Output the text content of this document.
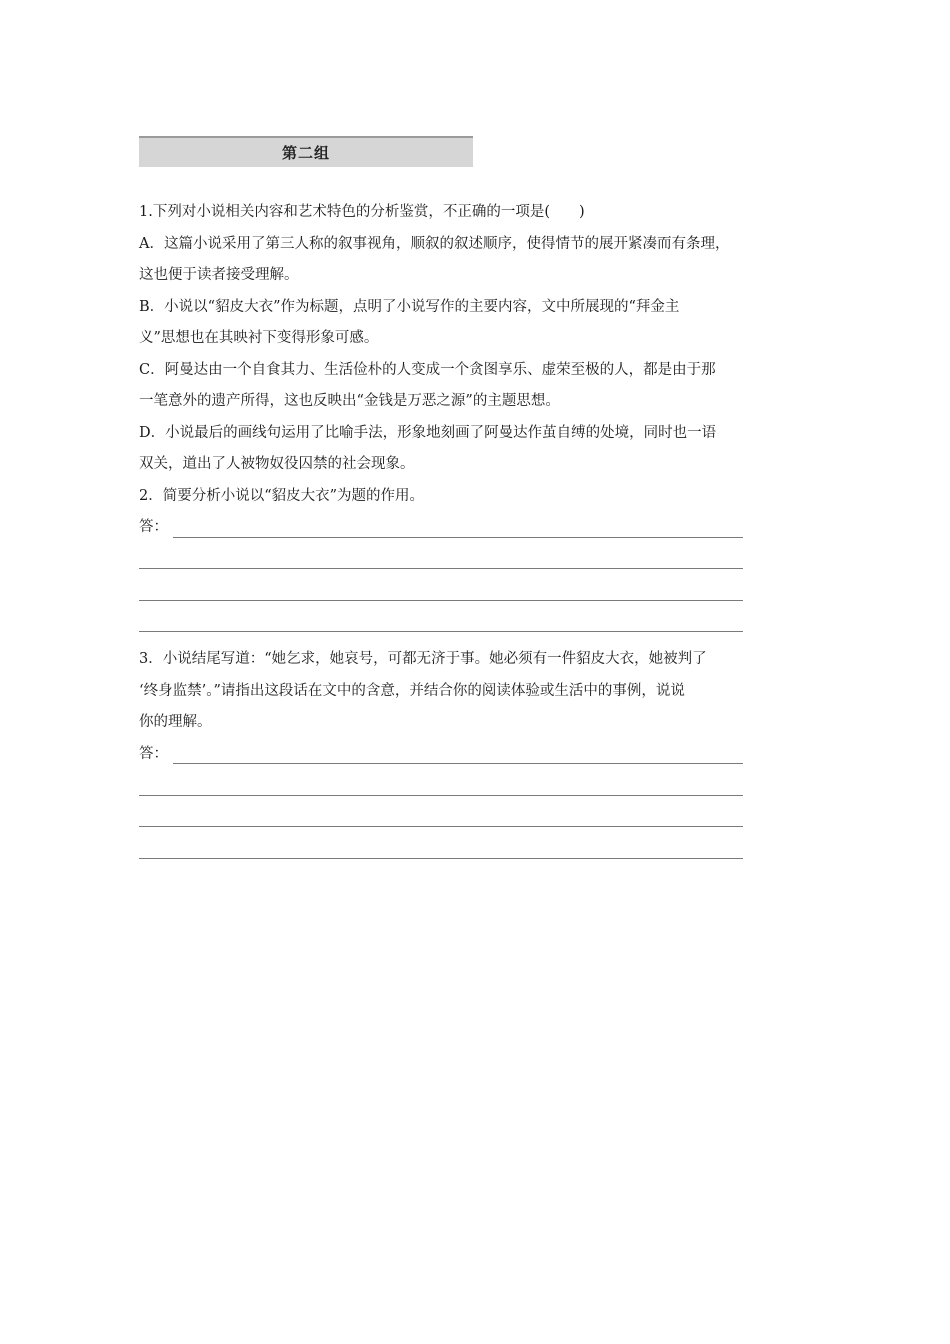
第二组
1.下列对小说相关内容和艺术特色的分析鉴赏，不正确的一项是(　　)
A．这篇小说采用了第三人称的叙事视角，顺叙的叙述顺序，使得情节的展开紧凑而有条理，
这也便于读者接受理解。
B．小说以“貂皮大衣”作为标题，点明了小说写作的主要内容，文中所展现的“拜金主
义”思想也在其映衬下变得形象可感。
C．阿曼达由一个自食其力、生活俭朴的人变成一个贪图享乐、虚荣至极的人，都是由于那
一笔意外的遗产所得，这也反映出“金钱是万恶之源”的主题思想。
D．小说最后的画线句运用了比喻手法，形象地刻画了阿曼达作茧自缚的处境，同时也一语
双关，道出了人被物奴役囚禁的社会现象。
2．简要分析小说以“貂皮大衣”为题的作用。
答：
3．小说结尾写道：“她乞求，她哀号，可都无济于事。她必须有一件貂皮大衣，她被判了
‘终身监禁’。”请指出这段话在文中的含意，并结合你的阅读体验或生活中的事例，说说
你的理解。
答：
